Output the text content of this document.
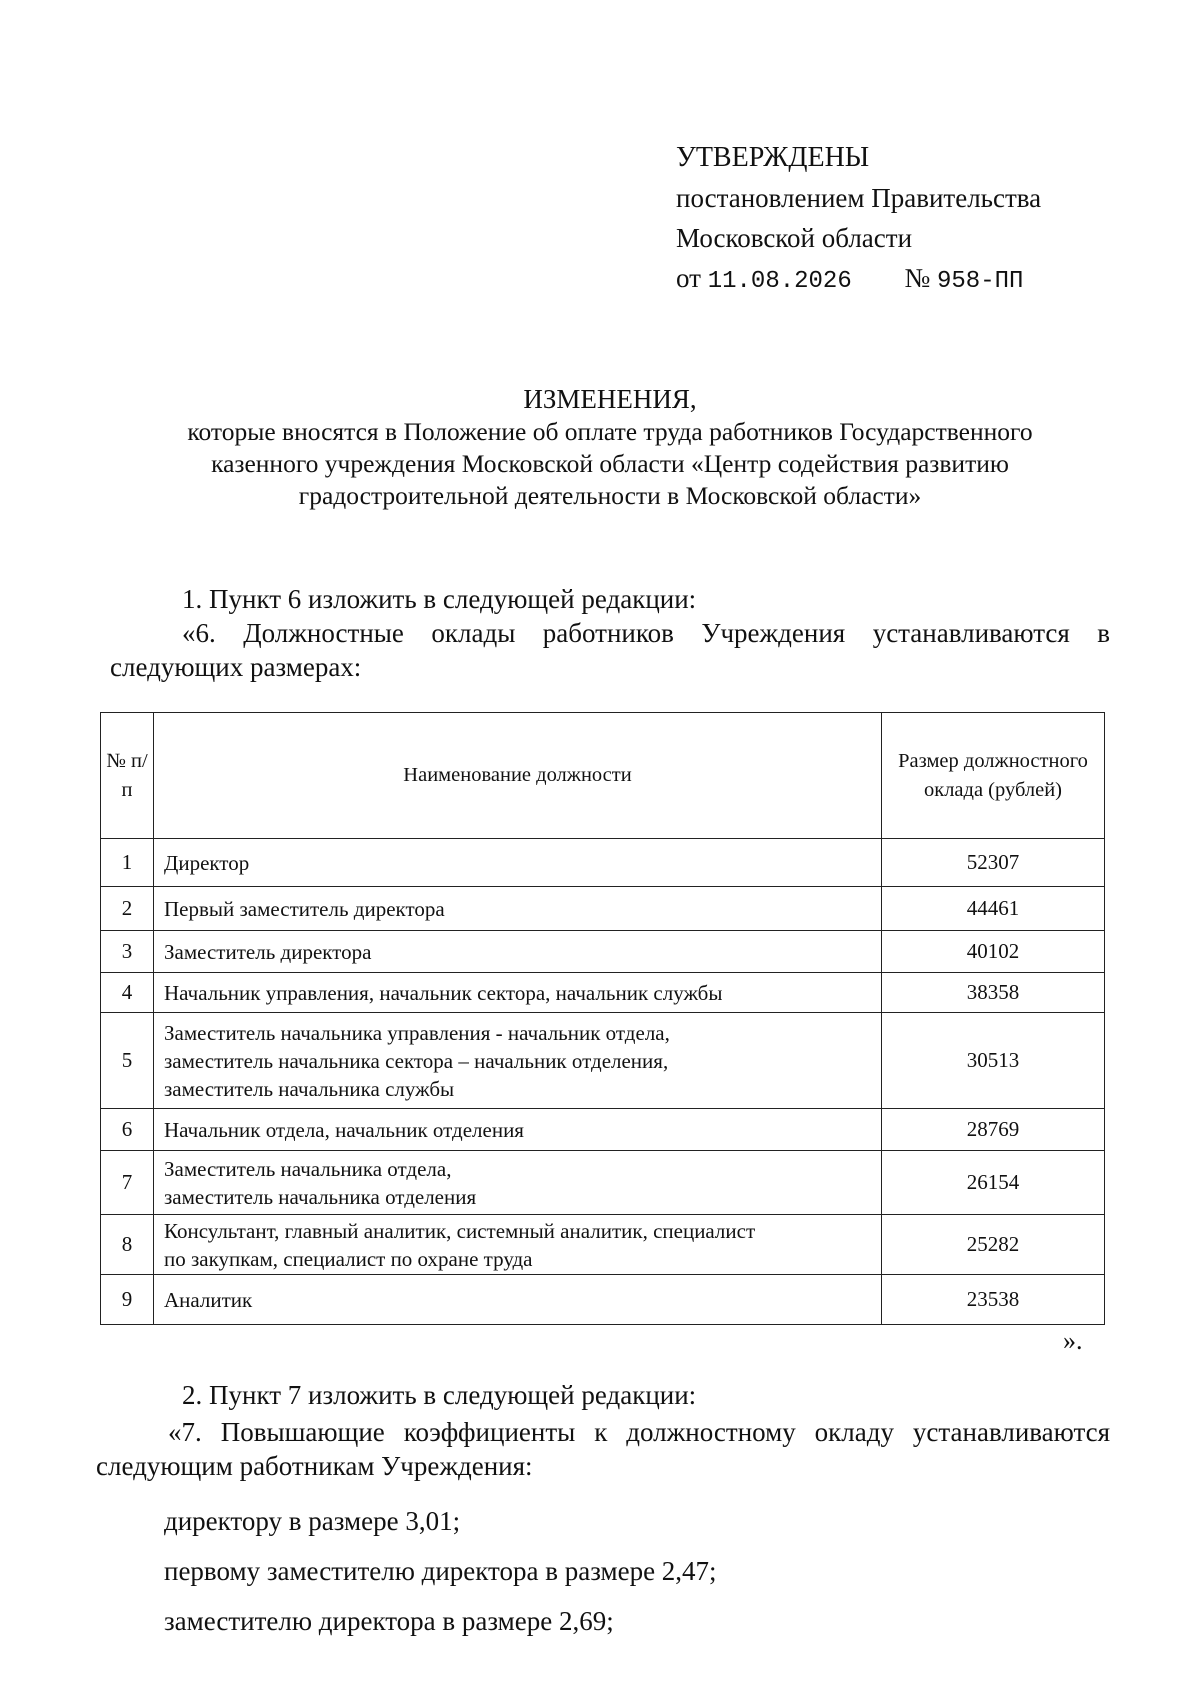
УТВЕРЖДЕНЫ
постановлением Правительства
Московской области
от 11.08.2026 № 958-ПП
ИЗМЕНЕНИЯ,
которые вносятся в Положение об оплате труда работников Государственного
казенного учреждения Московской области «Центр содействия развитию
градостроительной деятельности в Московской области»
1. Пункт 6 изложить в следующей редакции:
«6. Должностные оклады работников Учреждения устанавливаются в следующих размерах:
№ п/п	Наименование должности	Размер должностного оклада (рублей)
1	Директор	52307
2	Первый заместитель директора	44461
3	Заместитель директора	40102
4	Начальник управления, начальник сектора, начальник службы	38358
5	Заместитель начальника управления - начальник отдела,
заместитель начальника сектора – начальник отделения,
заместитель начальника службы	30513
6	Начальник отдела, начальник отделения	28769
7	Заместитель начальника отдела,
заместитель начальника отделения	26154
8	Консультант, главный аналитик, системный аналитик, специалист
по закупкам, специалист по охране труда	25282
9	Аналитик	23538
».
2. Пункт 7 изложить в следующей редакции:
«7. Повышающие коэффициенты к должностному окладу устанавливаются следующим работникам Учреждения:
директору в размере 3,01;
первому заместителю директора в размере 2,47;
заместителю директора в размере 2,69;
